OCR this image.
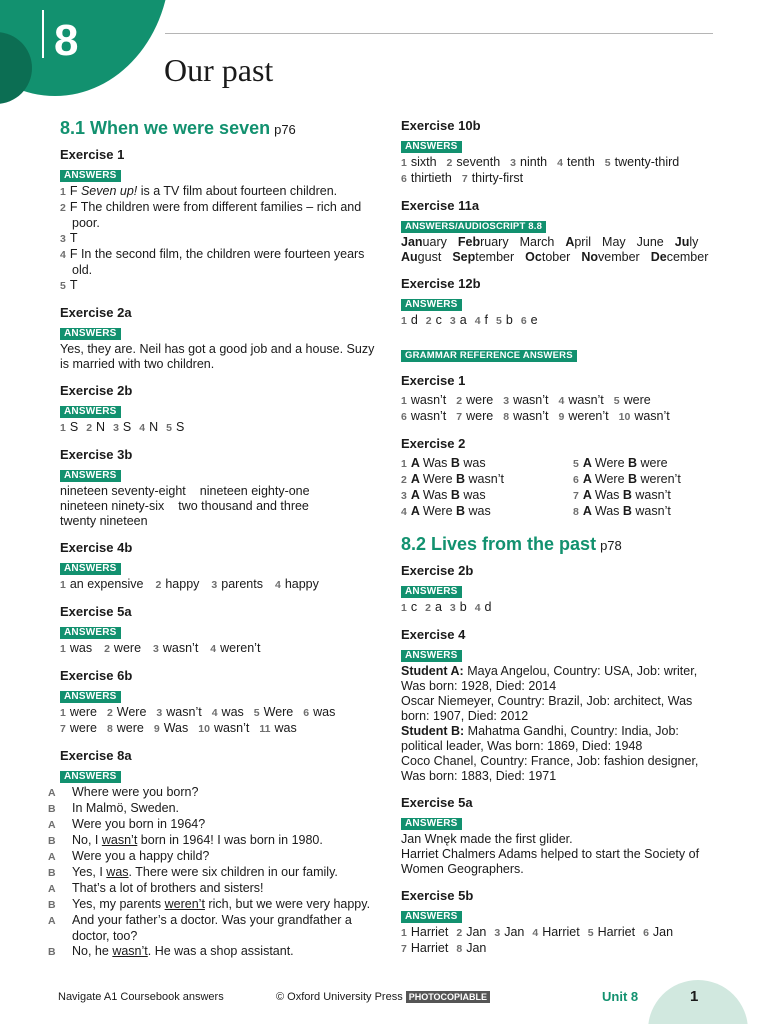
8
Our past
8.1 When we were seven p76
Exercise 1
ANSWERS
1 F Seven up! is a TV film about fourteen children.
2 F The children were from different families – rich and poor.
3 T
4 F In the second film, the children were fourteen years old.
5 T
Exercise 2a
ANSWERS
Yes, they are. Neil has got a good job and a house. Suzy is married with two children.
Exercise 2b
ANSWERS
1 S 2 N 3 S 4 N 5 S
Exercise 3b
ANSWERS
nineteen seventy-eight nineteen eighty-one
nineteen ninety-six two thousand and three
twenty nineteen
Exercise 4b
ANSWERS
1 an expensive 2 happy 3 parents 4 happy
Exercise 5a
ANSWERS
1 was 2 were 3 wasn’t 4 weren’t
Exercise 6b
ANSWERS
1 were 2 Were 3 wasn’t 4 was 5 Were 6 was
7 were 8 were 9 Was 10 wasn’t 11 was
Exercise 8a
ANSWERS
A Where were you born?
B In Malmö, Sweden.
A Were you born in 1964?
B No, I wasn’t born in 1964! I was born in 1980.
A Were you a happy child?
B Yes, I was. There were six children in our family.
A That’s a lot of brothers and sisters!
B Yes, my parents weren’t rich, but we were very happy.
A And your father’s a doctor. Was your grandfather a doctor, too?
B No, he wasn’t. He was a shop assistant.
Exercise 10b
ANSWERS
1 sixth 2 seventh 3 ninth 4 tenth 5 twenty-third
6 thirtieth 7 thirty-first
Exercise 11a
ANSWERS/AUDIOSCRIPT 8.8
January February March April May June July
August September October November December
Exercise 12b
ANSWERS
1 d 2 c 3 a 4 f 5 b 6 e
GRAMMAR REFERENCE ANSWERS
Exercise 1
1 wasn’t 2 were 3 wasn’t 4 wasn’t 5 were
6 wasn’t 7 were 8 wasn’t 9 weren’t 10 wasn’t
Exercise 2
1 A Was B was	5 A Were B were
2 A Were B wasn’t	6 A Were B weren’t
3 A Was B was	7 A Was B wasn’t
4 A Were B was	8 A Was B wasn’t
8.2 Lives from the past p78
Exercise 2b
ANSWERS
1 c 2 a 3 b 4 d
Exercise 4
ANSWERS
Student A: Maya Angelou, Country: USA, Job: writer, Was born: 1928, Died: 2014
Oscar Niemeyer, Country: Brazil, Job: architect, Was born: 1907, Died: 2012
Student B: Mahatma Gandhi, Country: India, Job: political leader, Was born: 1869, Died: 1948
Coco Chanel, Country: France, Job: fashion designer, Was born: 1883, Died: 1971
Exercise 5a
ANSWERS
Jan Wnęk made the first glider.
Harriet Chalmers Adams helped to start the Society of Women Geographers.
Exercise 5b
ANSWERS
1 Harriet 2 Jan 3 Jan 4 Harriet 5 Harriet 6 Jan
7 Harriet 8 Jan
Navigate A1 Coursebook answers	© Oxford University Press PHOTOCOPIABLE	Unit 8	1
